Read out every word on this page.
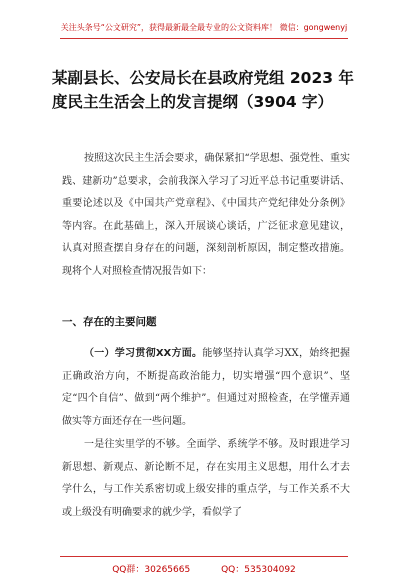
关注头条号“公文研究”，获得最新最全最专业的公文资料库！ 微信：gongwenyj
某副县长、公安局长在县政府党组 2023 年度民主生活会上的发言提纲（3904 字）
按照这次民主生活会要求，确保紧扣“学思想、强党性、重实践、建新功”总要求，会前我深入学习了习近平总书记重要讲话、重要论述以及《中国共产党章程》、《中国共产党纪律处分条例》等内容。在此基础上，深入开展谈心谈话，广泛征求意见建议，认真对照查摆自身存在的问题，深刻剖析原因，制定整改措施。现将个人对照检查情况报告如下：
一、存在的主要问题
（一）学习贯彻XX方面。能够坚持认真学习XX，始终把握正确政治方向，不断提高政治能力，切实增强“四个意识”、坚定“四个自信”、做到“两个维护”。但通过对照检查，在学懂弄通做实等方面还存在一些问题。
一是往实里学的不够。全面学、系统学不够。及时跟进学习新思想、新观点、新论断不足，存在实用主义思想，用什么才去学什么，与工作关系密切或上级安排的重点学，与工作关系不大或上级没有明确要求的就少学，看似学了
QQ群：30265665	QQ：535304092
